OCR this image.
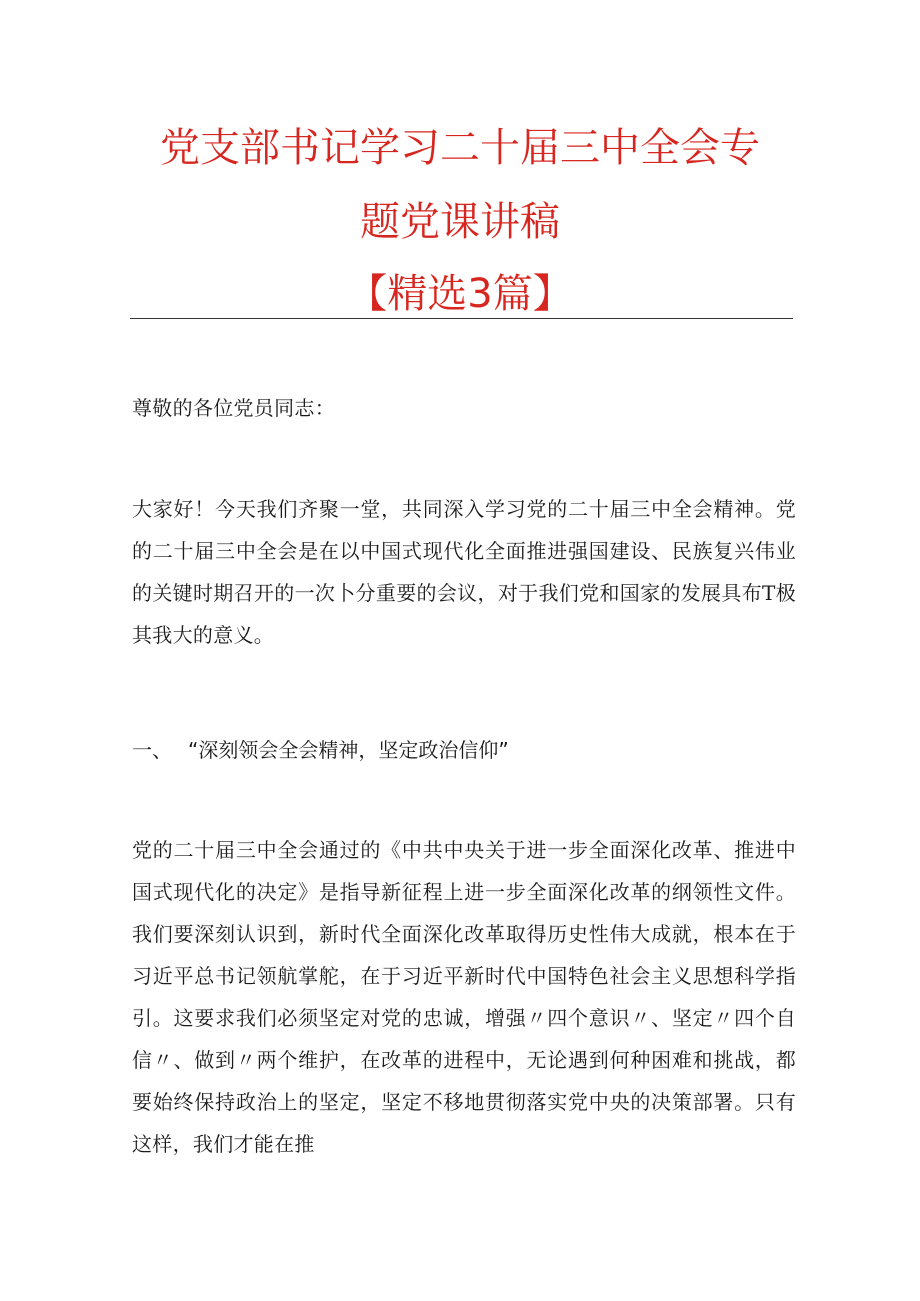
党支部书记学习二十届三中全会专
题党课讲稿
【精选3篇】

尊敬的各位党员同志：

大家好！今天我们齐聚一堂，共同深入学习党的二十届三中全会精神。党的二十届三中全会是在以中国式现代化全面推进强国建设、民族复兴伟业的关键时期召开的一次卜分重要的会议，对于我们党和国家的发展具布T极其我大的意义。

一、 “深刻领会全会精神，坚定政治信仰”

党的二十届三中全会通过的《中共中央关于进一步全面深化改革、推进中国式现代化的决定》是指导新征程上进一步全面深化改革的纲领性文件。我们要深刻认识到，新时代全面深化改革取得历史性伟大成就，根本在于习近平总书记领航掌舵，在于习近平新时代中国特色社会主义思想科学指引。这要求我们必须坚定对党的忠诚，增强〃四个意识〃、坚定〃四个自信〃、做到〃两个维护，在改革的进程中，无论遇到何种困难和挑战，都要始终保持政治上的坚定，坚定不移地贯彻落实党中央的决策部署。只有这样，我们才能在推
